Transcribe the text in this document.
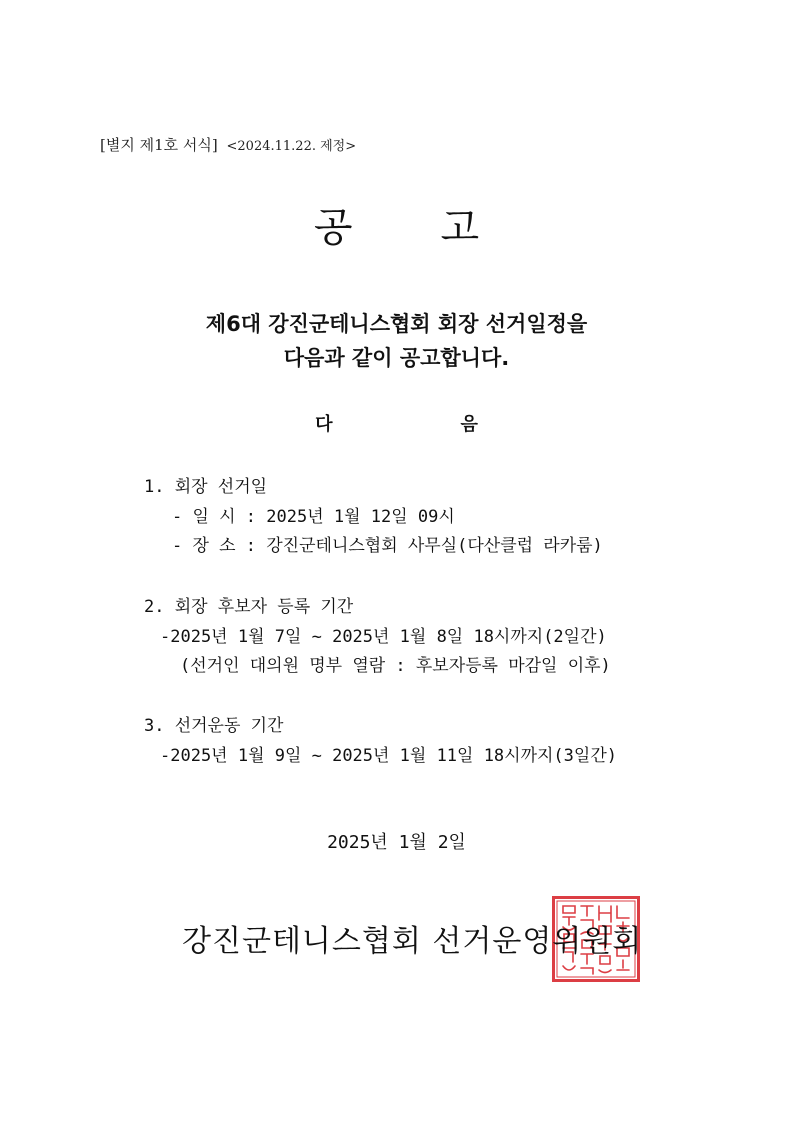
[별지 제1호 서식] <2024.11.22. 제정>
공 고
제6대 강진군테니스협회 회장 선거일정을
다음과 같이 공고합니다.
다	음
1. 회장 선거일
- 일 시 : 2025년 1월 12일 09시
- 장 소 : 강진군테니스협회 사무실(다산클럽 라카룸)
2. 회장 후보자 등록 기간
-2025년 1월 7일 ~ 2025년 1월 8일 18시까지(2일간)
(선거인 대의원 명부 열람 : 후보자등록 마감일 이후)
3. 선거운동 기간
-2025년 1월 9일 ~ 2025년 1월 11일 18시까지(3일간)
2025년 1월 2일
강진군테니스협회 선거운영위원회
